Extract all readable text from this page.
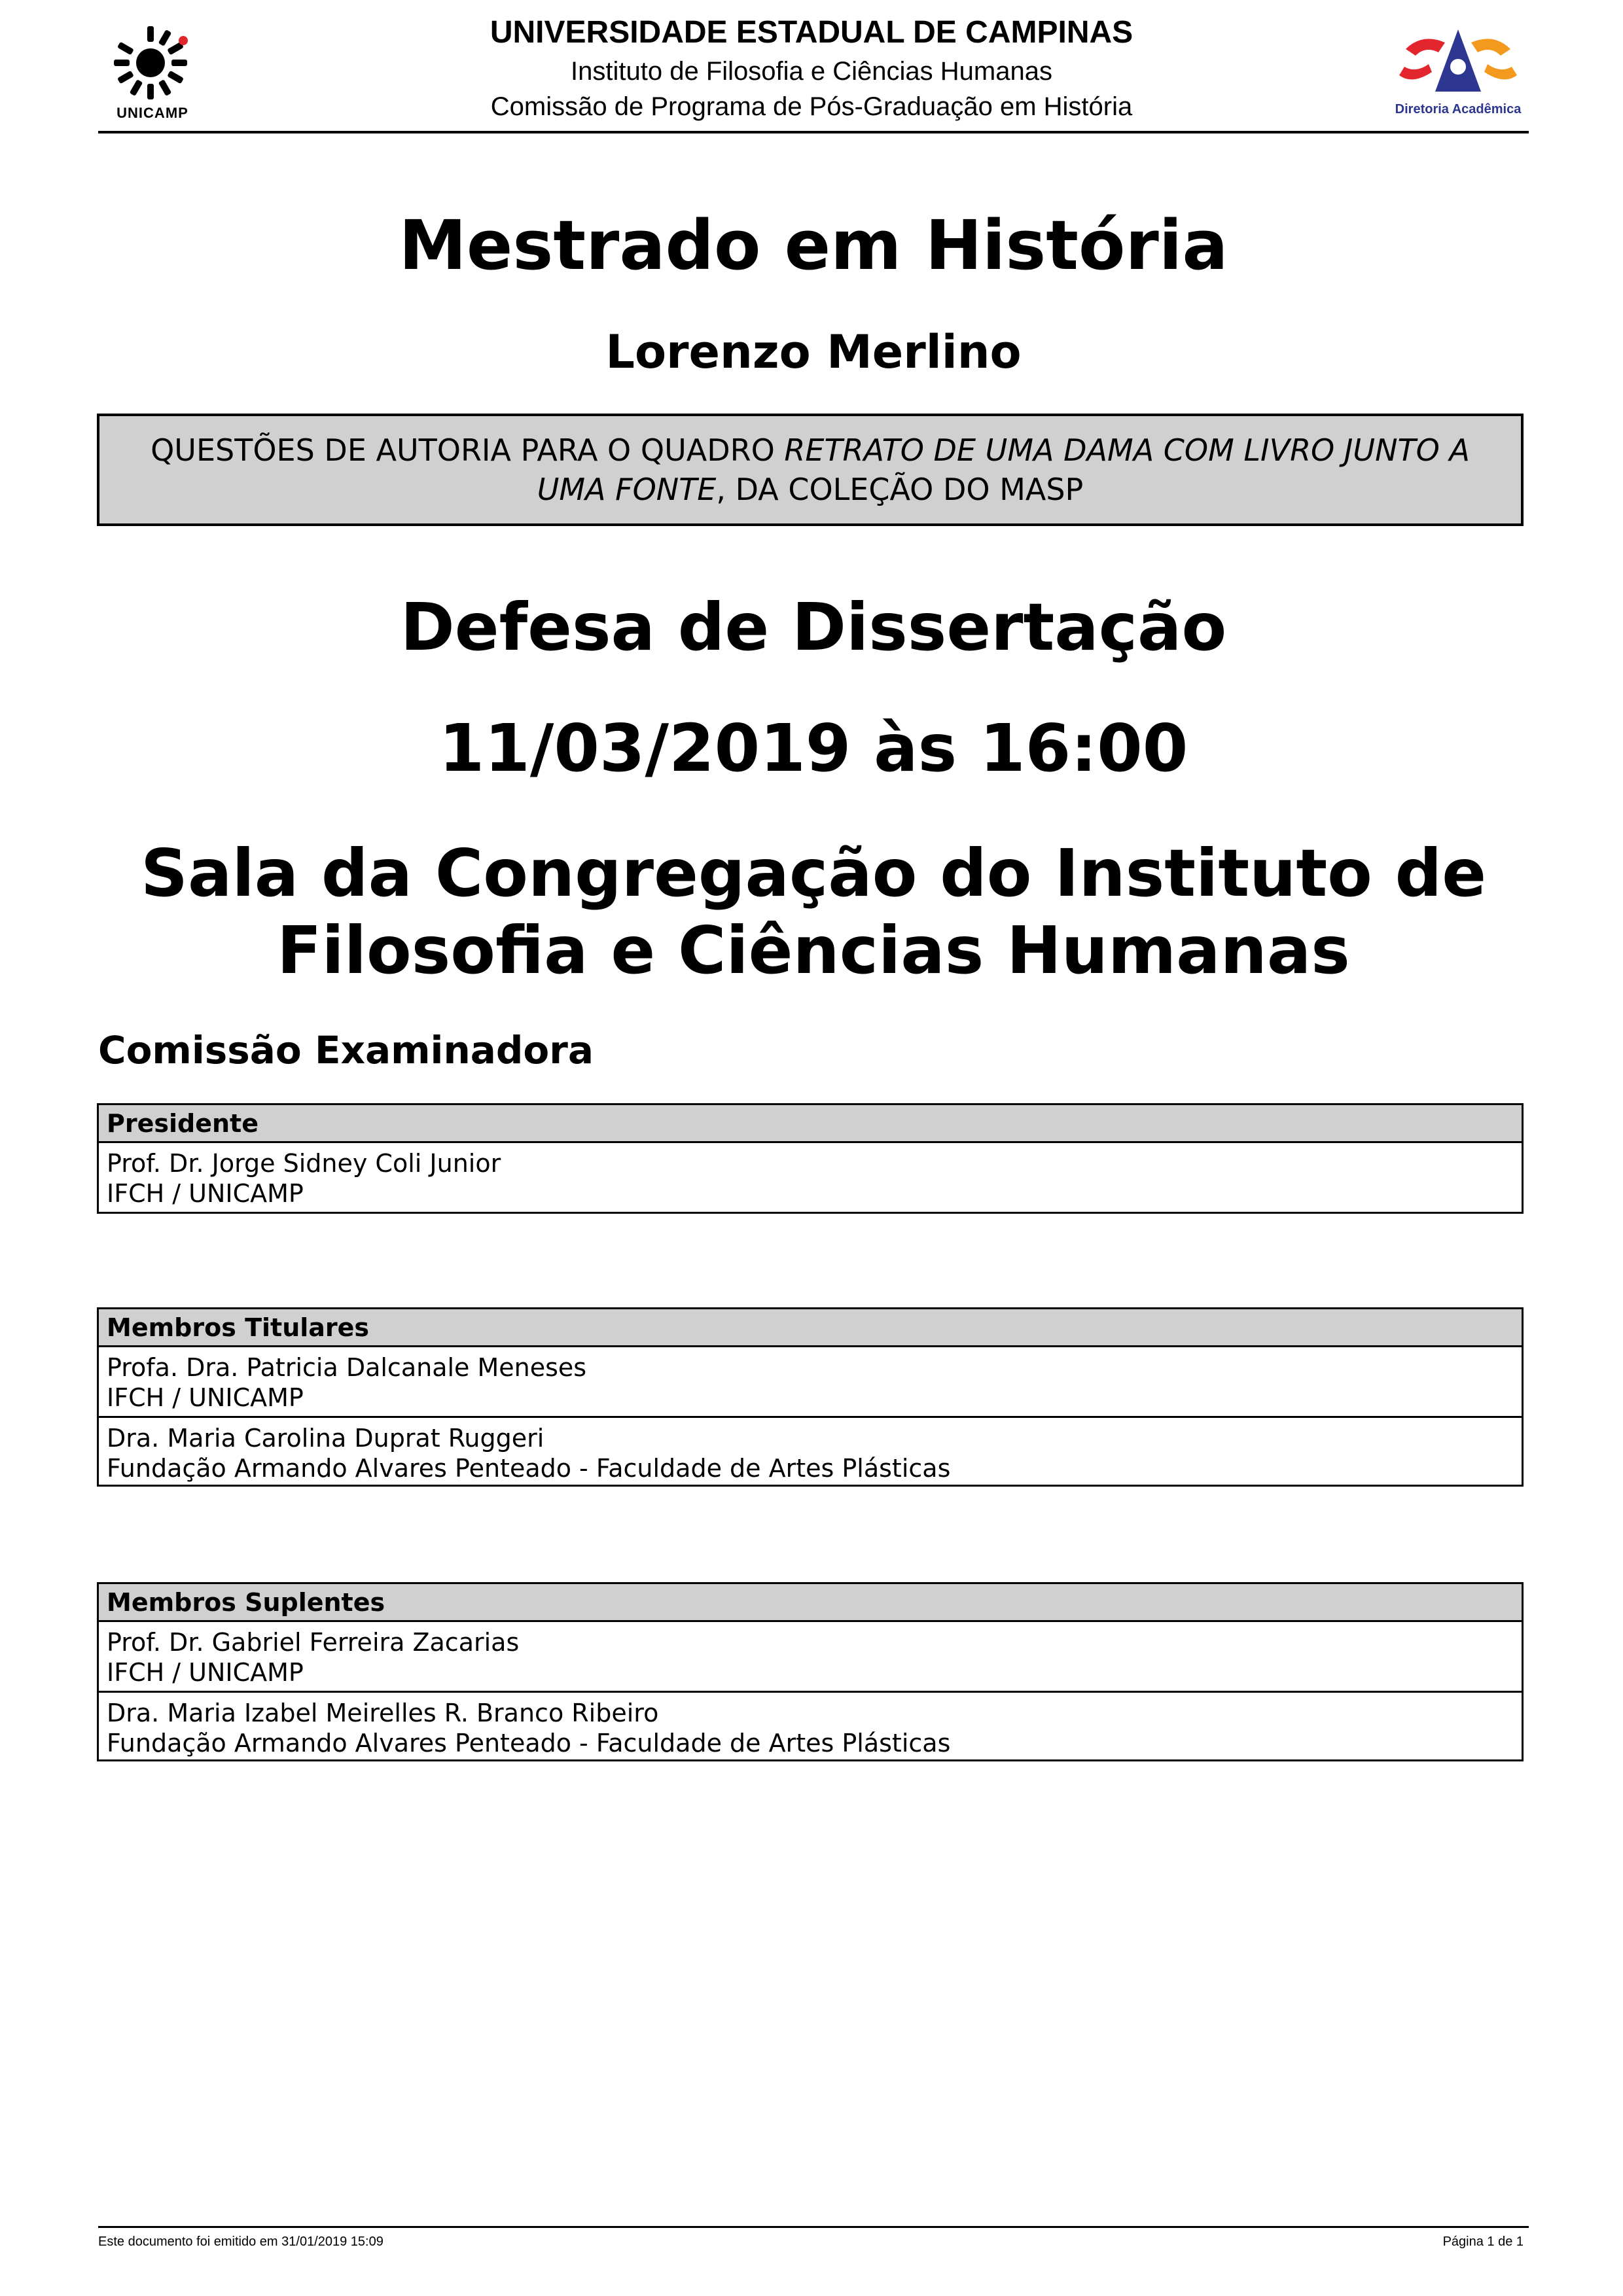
UNICAMP
UNIVERSIDADE ESTADUAL DE CAMPINAS
Instituto de Filosofia e Ciências Humanas
Comissão de Programa de Pós-Graduação em História	Diretoria Acadêmica
Mestrado em História
Lorenzo Merlino
QUESTÕES DE AUTORIA PARA O QUADRO RETRATO DE UMA DAMA COM LIVRO JUNTO A UMA FONTE, DA COLEÇÃO DO MASP
Defesa de Dissertação
11/03/2019 às 16:00
Sala da Congregação do Instituto de
Filosofia e Ciências Humanas
Comissão Examinadora
Presidente
Prof. Dr. Jorge Sidney Coli Junior
IFCH / UNICAMP
Membros Titulares
Profa. Dra. Patricia Dalcanale Meneses
IFCH / UNICAMP
Dra. Maria Carolina Duprat Ruggeri
Fundação Armando Alvares Penteado - Faculdade de Artes Plásticas
Membros Suplentes
Prof. Dr. Gabriel Ferreira Zacarias
IFCH / UNICAMP
Dra. Maria Izabel Meirelles R. Branco Ribeiro
Fundação Armando Alvares Penteado - Faculdade de Artes Plásticas
Este documento foi emitido em 31/01/2019 15:09	Página 1 de 1
